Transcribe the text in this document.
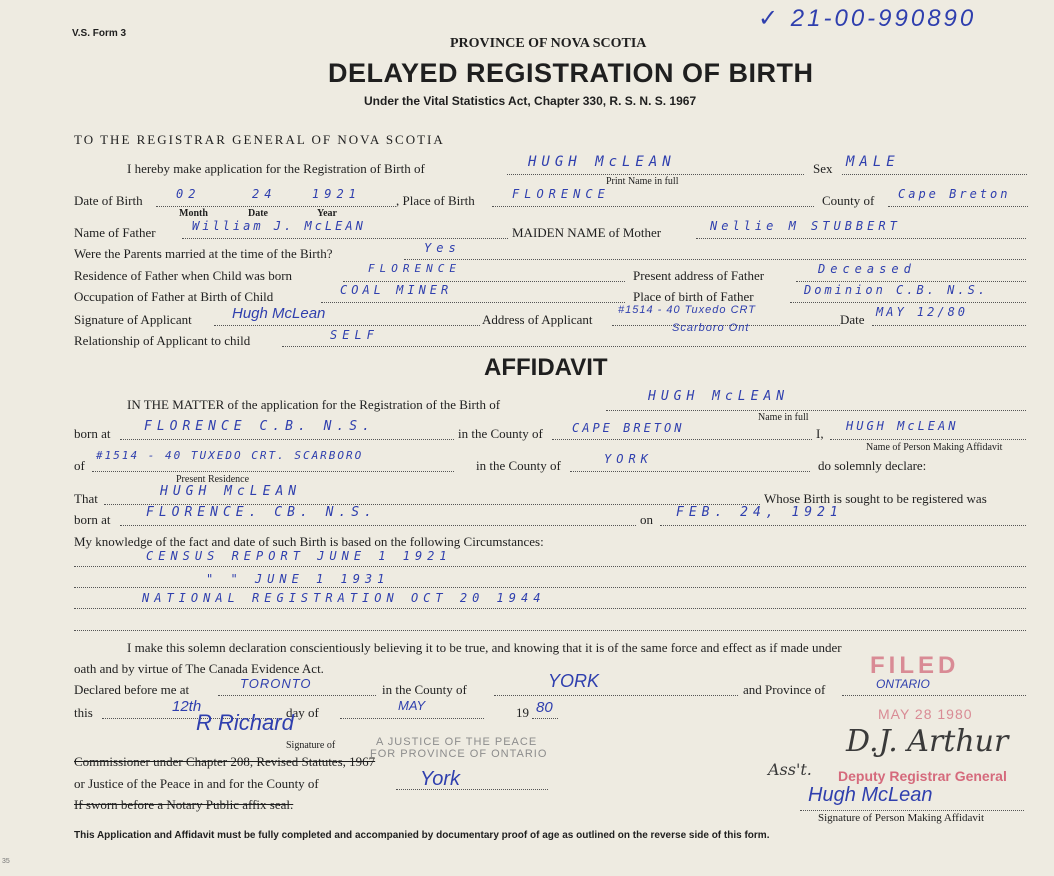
V.S. Form 3
✓ 21-00-990890
PROVINCE OF NOVA SCOTIA
DELAYED REGISTRATION OF BIRTH
Under the Vital Statistics Act, Chapter 330, R. S. N. S. 1967
TO THE REGISTRAR GENERAL OF NOVA SCOTIA
I hereby make application for the Registration of Birth of	HUGH McLEAN
Print Name in full
Sex MALE
Date of Birth	02	24	1921
Month	Date	Year
, Place of Birth	FLORENCE	County of Cape Breton
Name of Father	William J. McLEAN	MAIDEN NAME of Mother	Nellie M STUBBERT
Were the Parents married at the time of the Birth?	Yes
Residence of Father when Child was born	FLORENCE	Present address of Father	Deceased
Occupation of Father at Birth of Child	COAL MINER	Place of birth of Father	Dominion C.B. N.S.
Signature of Applicant	Hugh McLean	Address of Applicant
#1514 - 40 Tuxedo CRT
Scarboro Ont
Date MAY 12/80
Relationship of Applicant to child	SELF
AFFIDAVIT
IN THE MATTER of the application for the Registration of the Birth of
HUGH McLEAN
Name in full
born at	FLORENCE C.B. N.S.	in the County of CAPE BRETON	I, HUGH McLEAN
Name of Person Making Affidavit
of
#1514 - 40 TUXEDO CRT. SCARBORO
Present Residence
in the County of	YORK	do solemnly declare:
That	HUGH McLEAN	Whose Birth is sought to be registered was
born at	FLORENCE. CB. N.S.	on FEB. 24, 1921
My knowledge of the fact and date of such Birth is based on the following Circumstances:
CENSUS REPORT JUNE 1 1921
" " JUNE 1 1931
NATIONAL REGISTRATION OCT 20 1944
I make this solemn declaration conscientiously believing it to be true, and knowing that it is of the same force and effect as if made under
oath and by virtue of The Canada Evidence Act.
Declared before me at	TORONTO	in the County of	YORK	and Province of	ONTARIO
this	12th	day of	MAY	19 80
R Richard
Signature of	A JUSTICE OF THE PEACE
FOR PROVINCE OF ONTARIO
Commissioner under Chapter 208, Revised Statutes, 1967
or Justice of the Peace in and for the County of	York
If sworn before a Notary Public affix seal.
FILED
MAY 28 1980
D.J. Arthur
Ass't. Deputy Registrar General
Hugh McLean
Signature of Person Making Affidavit
This Application and Affidavit must be fully completed and accompanied by documentary proof of age as outlined on the reverse side of this form.
35
